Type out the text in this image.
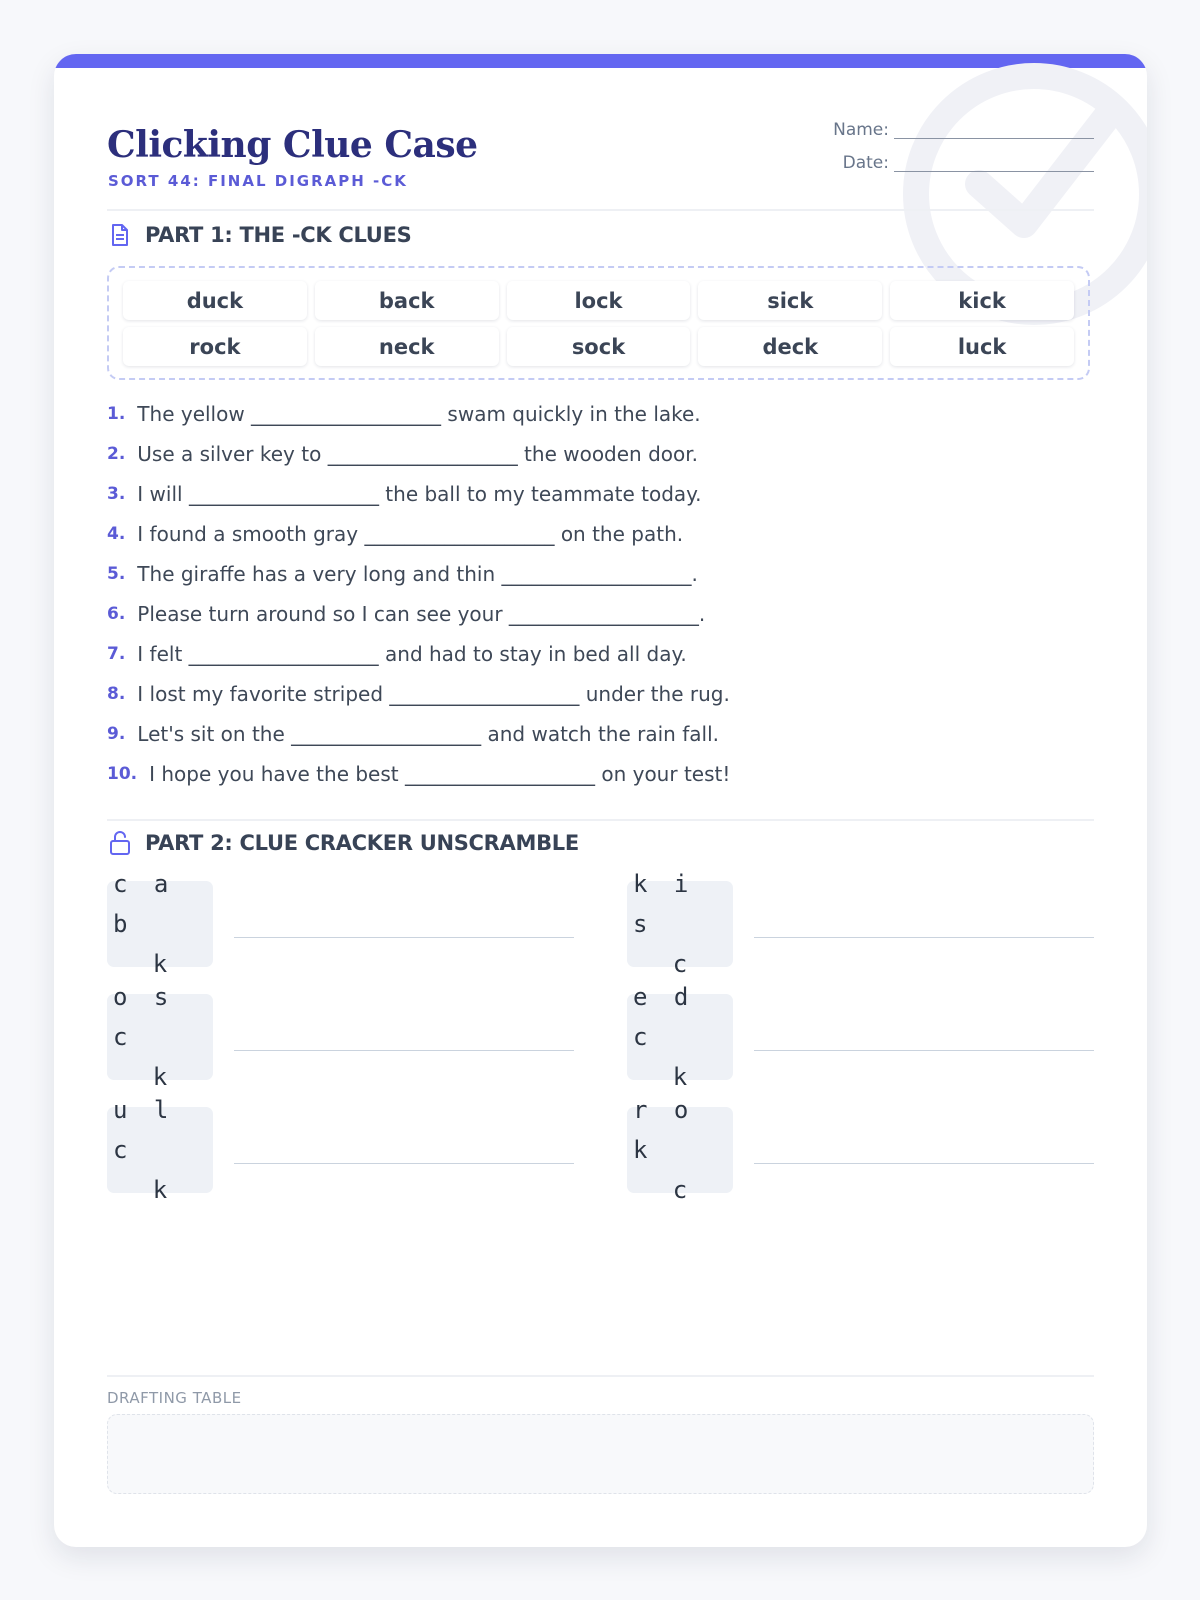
Clicking Clue Case
SORT 44: FINAL DIGRAPH -CK
Name:
Date:
PART 1: THE -CK CLUES
duck	back	lock	sick	kick
rock	neck	sock	deck	luck
1. The yellow ___________________ swam quickly in the lake.
2. Use a silver key to ___________________ the wooden door.
3. I will ___________________ the ball to my teammate today.
4. I found a smooth gray ___________________ on the path.
5. The giraffe has a very long and thin ___________________.
6. Please turn around so I can see your ___________________.
7. I felt ___________________ and had to stay in bed all day.
8. I lost my favorite striped ___________________ under the rug.
9. Let's sit on the ___________________ and watch the rain fall.
10. I hope you have the best ___________________ on your test!
PART 2: CLUE CRACKER UNSCRAMBLE
c a b
k
k i s
c
o s c
k
e d c
k
u l c
k
r o k
c
DRAFTING TABLE
